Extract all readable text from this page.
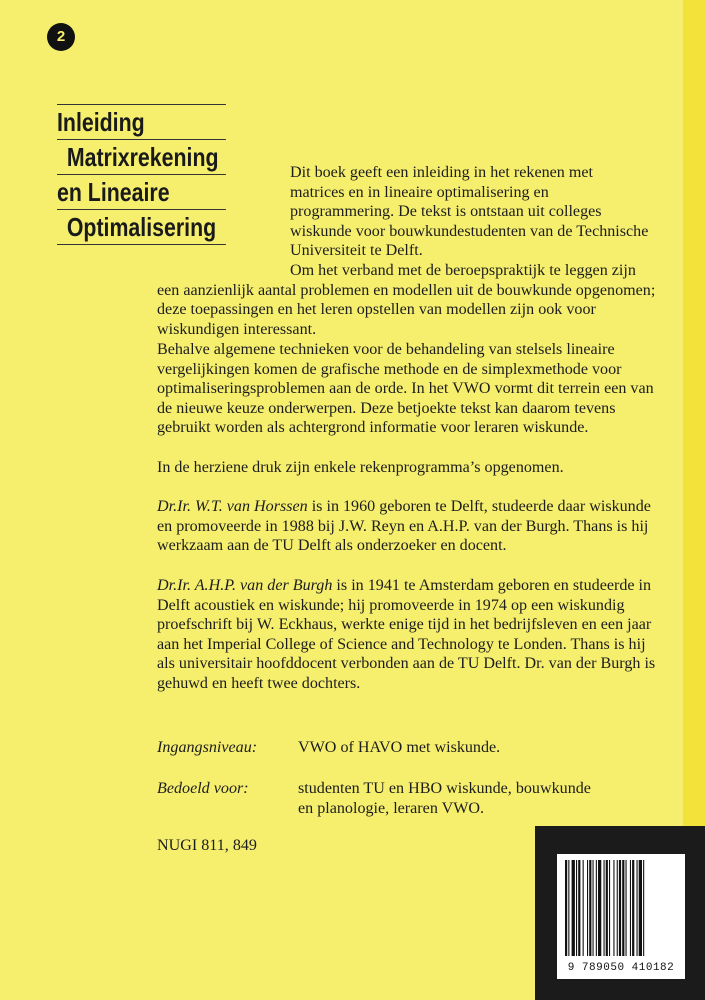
2
Inleiding
Matrixrekening
en Lineaire
Optimalisering

Dit boek geeft een inleiding in het rekenen met matrices en in lineaire optimalisering en programmering. De tekst is ontstaan uit colleges wiskunde voor bouwkundestudenten van de Technische Universiteit te Delft.

Om het verband met de beroepspraktijk te leggen zijn een aanzienlijk aantal problemen en modellen uit de bouwkunde opgenomen; deze toepassingen en het leren opstellen van modellen zijn ook voor wiskundigen interessant.

Behalve algemene technieken voor de behandeling van stelsels lineaire vergelijkingen komen de grafische methode en de simplexmethode voor optimaliseringsproblemen aan de orde. In het VWO vormt dit terrein een van de nieuwe keuze onderwerpen. Deze betjoekte tekst kan daarom tevens gebruikt worden als achtergrond informatie voor leraren wiskunde.

In de herziene druk zijn enkele rekenprogramma’s opgenomen.

Dr.Ir. W.T. van Horssen is in 1960 geboren te Delft, studeerde daar wiskunde en promoveerde in 1988 bij J.W. Reyn en A.H.P. van der Burgh. Thans is hij werkzaam aan de TU Delft als onderzoeker en docent.

Dr.Ir. A.H.P. van der Burgh is in 1941 te Amsterdam geboren en studeerde in Delft acoustiek en wiskunde; hij promoveerde in 1974 op een wiskundig proefschrift bij W. Eckhaus, werkte enige tijd in het bedrijfsleven en een jaar aan het Imperial College of Science and Technology te Londen. Thans is hij als universitair hoofddocent verbonden aan de TU Delft. Dr. van der Burgh is gehuwd en heeft twee dochters.

Ingangsniveau:	VWO of HAVO met wiskunde.
Bedoeld voor:	studenten TU en HBO wiskunde, bouwkunde en planologie, leraren VWO.

NUGI 811, 849

9 789050 410182
